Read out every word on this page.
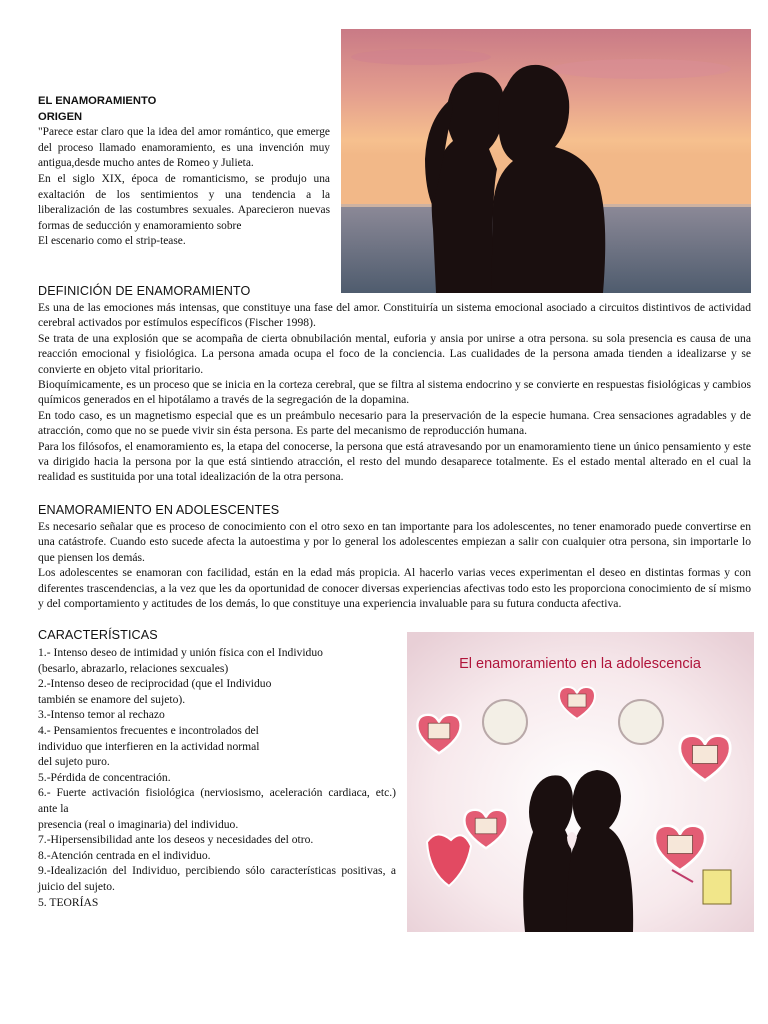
EL ENAMORAMIENTO

ORIGEN

"Parece estar claro que la idea del amor romántico, que emerge del proceso llamado enamoramiento, es una invención muy antigua,desde mucho antes de Romeo y Julieta.

En el siglo XIX, época de romanticismo, se produjo una exaltación de los sentimientos y una tendencia a la liberalización de las costumbres sexuales. Aparecieron nuevas formas de seducción y enamoramiento sobre

El escenario como el strip-tease.

DEFINICIÓN DE ENAMORAMIENTO

Es una de las emociones más intensas, que constituye una fase del amor. Constituiría un sistema emocional asociado a circuitos distintivos de actividad cerebral activados por estímulos específicos (Fischer 1998).

Se trata de una explosión que se acompaña de cierta obnubilación mental, euforia y ansia por unirse a otra persona. su sola presencia es causa de una reacción emocional y fisiológica. La persona amada ocupa el foco de la conciencia. Las cualidades de la persona amada tienden a idealizarse y se convierte en objeto vital prioritario.

Bioquímicamente, es un proceso que se inicia en la corteza cerebral, que se filtra al sistema endocrino y se convierte en respuestas fisiológicas y cambios químicos generados en el hipotálamo a través de la segregación de la dopamina.

En todo caso, es un magnetismo especial que es un preámbulo necesario para la preservación de la especie humana. Crea sensaciones agradables y de atracción, como que no se puede vivir sin ésta persona. Es parte del mecanismo de reproducción humana.

Para los filósofos, el enamoramiento es, la etapa del conocerse, la persona que está atravesando por un enamoramiento tiene un único pensamiento y este va dirigido hacia la persona por la que está sintiendo atracción, el resto del mundo desaparece totalmente. Es el estado mental alterado en el cual la realidad es sustituida por una total idealización de la otra persona.

ENAMORAMIENTO EN ADOLESCENTES

Es necesario señalar que es proceso de conocimiento con el otro sexo en tan importante para los adolescentes, no tener enamorado puede convertirse en una catástrofe. Cuando esto sucede afecta la autoestima y por lo general los adolescentes empiezan a salir con cualquier otra persona, sin importarle lo que piensen los demás.

Los adolescentes se enamoran con facilidad, están en la edad más propicia. Al hacerlo varias veces experimentan el deseo en distintas formas y con diferentes trascendencias, a la vez que les da oportunidad de conocer diversas experiencias afectivas todo esto les proporciona conocimiento de sí mismo y del comportamiento y actitudes de los demás, lo que constituye una experiencia invaluable para su futura conducta afectiva.

CARACTERÍSTICAS

1.- Intenso deseo de intimidad y unión física con el Individuo

(besarlo, abrazarlo, relaciones sexcuales)

2.-Intenso deseo de reciprocidad (que el Individuo

también se enamore del sujeto).

3.-Intenso temor al rechazo

4.- Pensamientos frecuentes e incontrolados del

individuo que interfieren en la actividad normal

del sujeto puro.

5.-Pérdida de concentración.

6.- Fuerte activación fisiológica (nerviosismo, aceleración cardiaca, etc.) ante la

presencia (real o imaginaria) del individuo.

7.-Hipersensibilidad ante los deseos y necesidades del otro.

8.-Atención centrada en el individuo.

9.-Idealización del Individuo, percibiendo sólo características positivas, a juicio del sujeto.

5. TEORÍAS

El enamoramiento en la adolescencia
